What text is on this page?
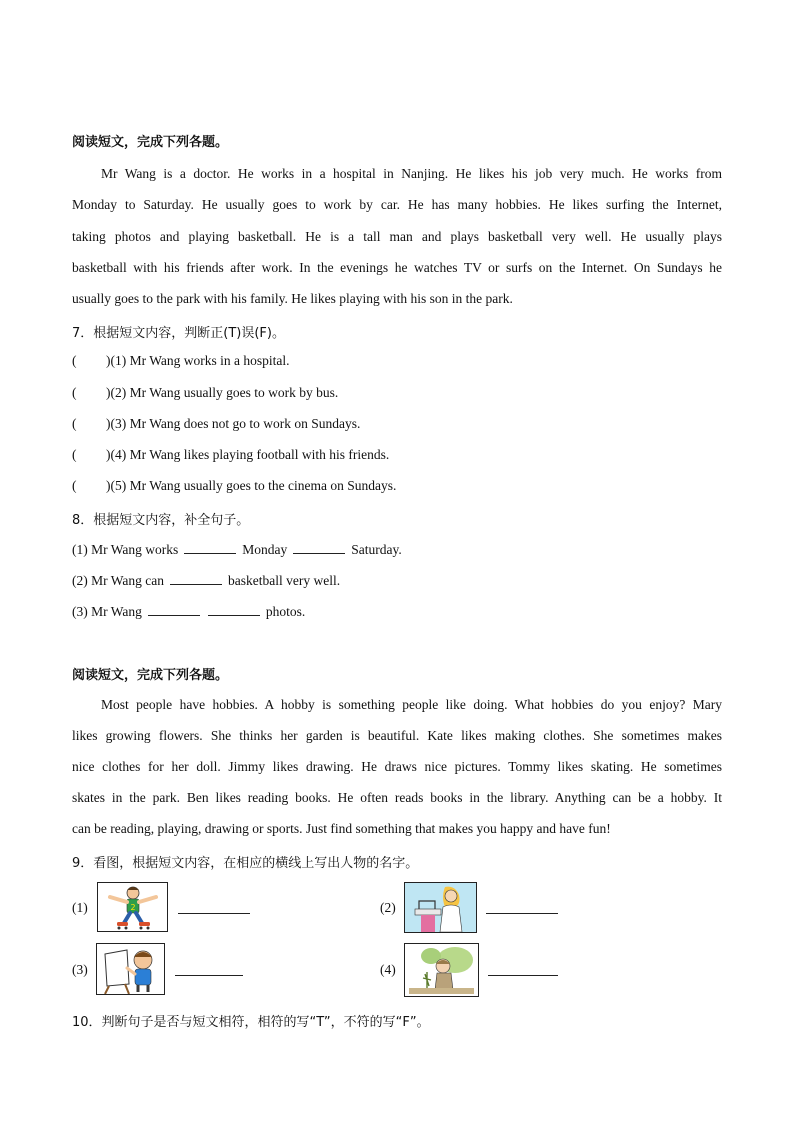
阅读短文，完成下列各题。
Mr Wang is a doctor. He works in a hospital in Nanjing. He likes his job very much. He works from
Monday to Saturday. He usually goes to work by car. He has many hobbies. He likes surfing the Internet,
taking photos and playing basketball. He is a tall man and plays basketball very well. He usually plays
basketball with his friends after work. In the evenings he watches TV or surfs on the Internet. On Sundays he
usually goes to the park with his family. He likes playing with his son in the park.
7．根据短文内容，判断正(T)误(F)。
( )(1) Mr Wang works in a hospital.
( )(2) Mr Wang usually goes to work by bus.
( )(3) Mr Wang does not go to work on Sundays.
( )(4) Mr Wang likes playing football with his friends.
( )(5) Mr Wang usually goes to the cinema on Sundays.
8．根据短文内容，补全句子。
(1) Mr Wang works	Monday	Saturday.
(2) Mr Wang can	basketball very well.
(3) Mr Wang	photos.
阅读短文，完成下列各题。
Most people have hobbies. A hobby is something people like doing. What hobbies do you enjoy? Mary
likes growing flowers. She thinks her garden is beautiful. Kate likes making clothes. She sometimes makes
nice clothes for her doll. Jimmy likes drawing. He draws nice pictures. Tommy likes skating. He sometimes
skates in the park. Ben likes reading books. He often reads books in the library. Anything can be a hobby. It
can be reading, playing, drawing or sports. Just find something that makes you happy and have fun!
9．看图，根据短文内容，在相应的横线上写出人物的名字。
(1)	2	(2)
(3)	(4)
10．判断句子是否与短文相符，相符的写“T”，不符的写“F”。
